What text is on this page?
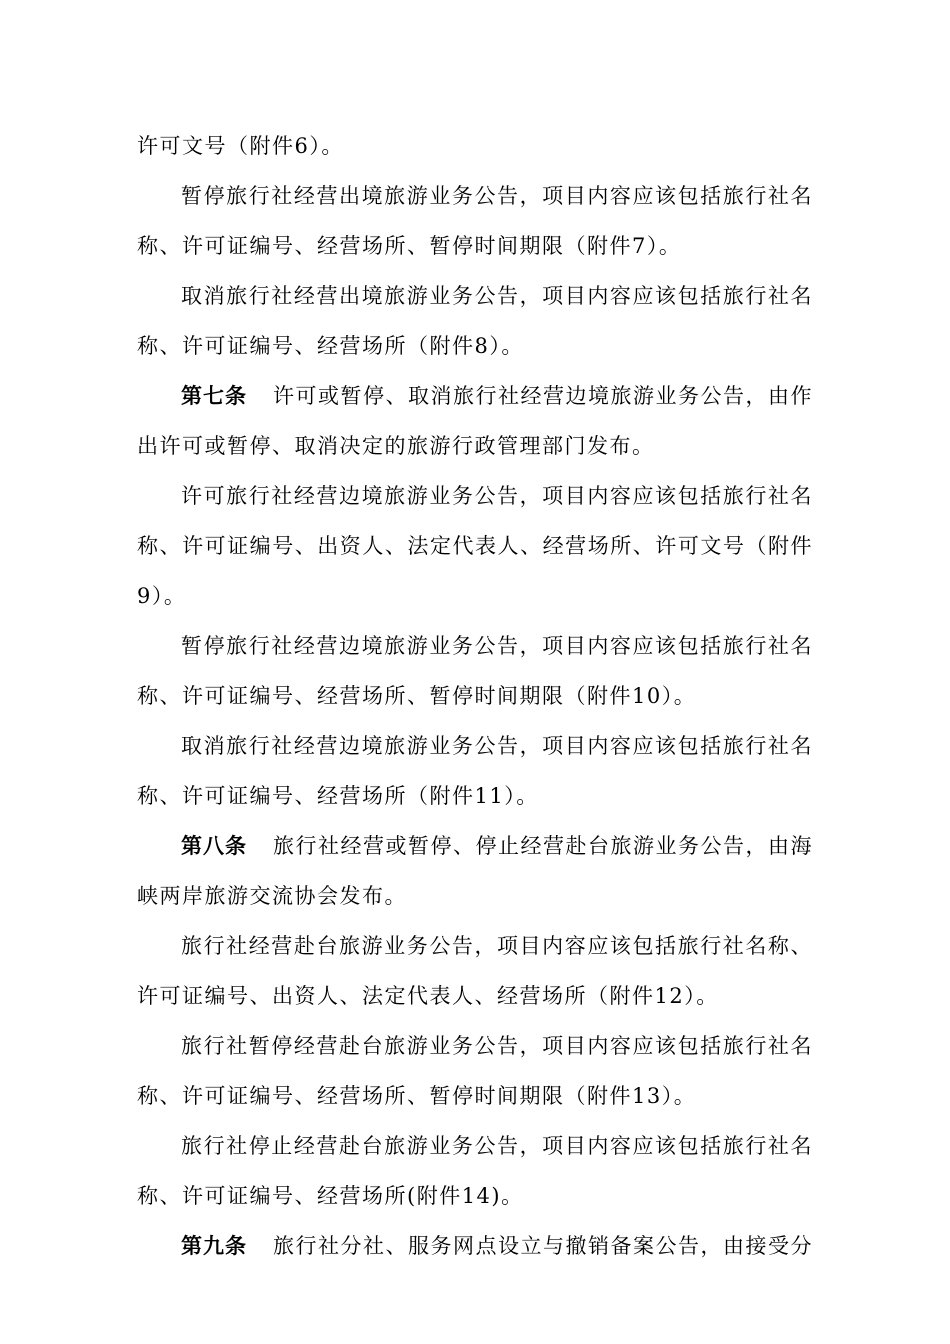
许可文号（附件6）。

暂停旅行社经营出境旅游业务公告，项目内容应该包括旅行社名

称、许可证编号、经营场所、暂停时间期限（附件7）。

取消旅行社经营出境旅游业务公告，项目内容应该包括旅行社名

称、许可证编号、经营场所（附件8）。

第七条 许可或暂停、取消旅行社经营边境旅游业务公告，由作

出许可或暂停、取消决定的旅游行政管理部门发布。

许可旅行社经营边境旅游业务公告，项目内容应该包括旅行社名

称、许可证编号、出资人、法定代表人、经营场所、许可文号（附件

9）。

暂停旅行社经营边境旅游业务公告，项目内容应该包括旅行社名

称、许可证编号、经营场所、暂停时间期限（附件10）。

取消旅行社经营边境旅游业务公告，项目内容应该包括旅行社名

称、许可证编号、经营场所（附件11）。

第八条 旅行社经营或暂停、停止经营赴台旅游业务公告，由海

峡两岸旅游交流协会发布。

旅行社经营赴台旅游业务公告，项目内容应该包括旅行社名称、

许可证编号、出资人、法定代表人、经营场所（附件12）。

旅行社暂停经营赴台旅游业务公告，项目内容应该包括旅行社名

称、许可证编号、经营场所、暂停时间期限（附件13）。

旅行社停止经营赴台旅游业务公告，项目内容应该包括旅行社名

称、许可证编号、经营场所(附件14)。

第九条 旅行社分社、服务网点设立与撤销备案公告，由接受分
